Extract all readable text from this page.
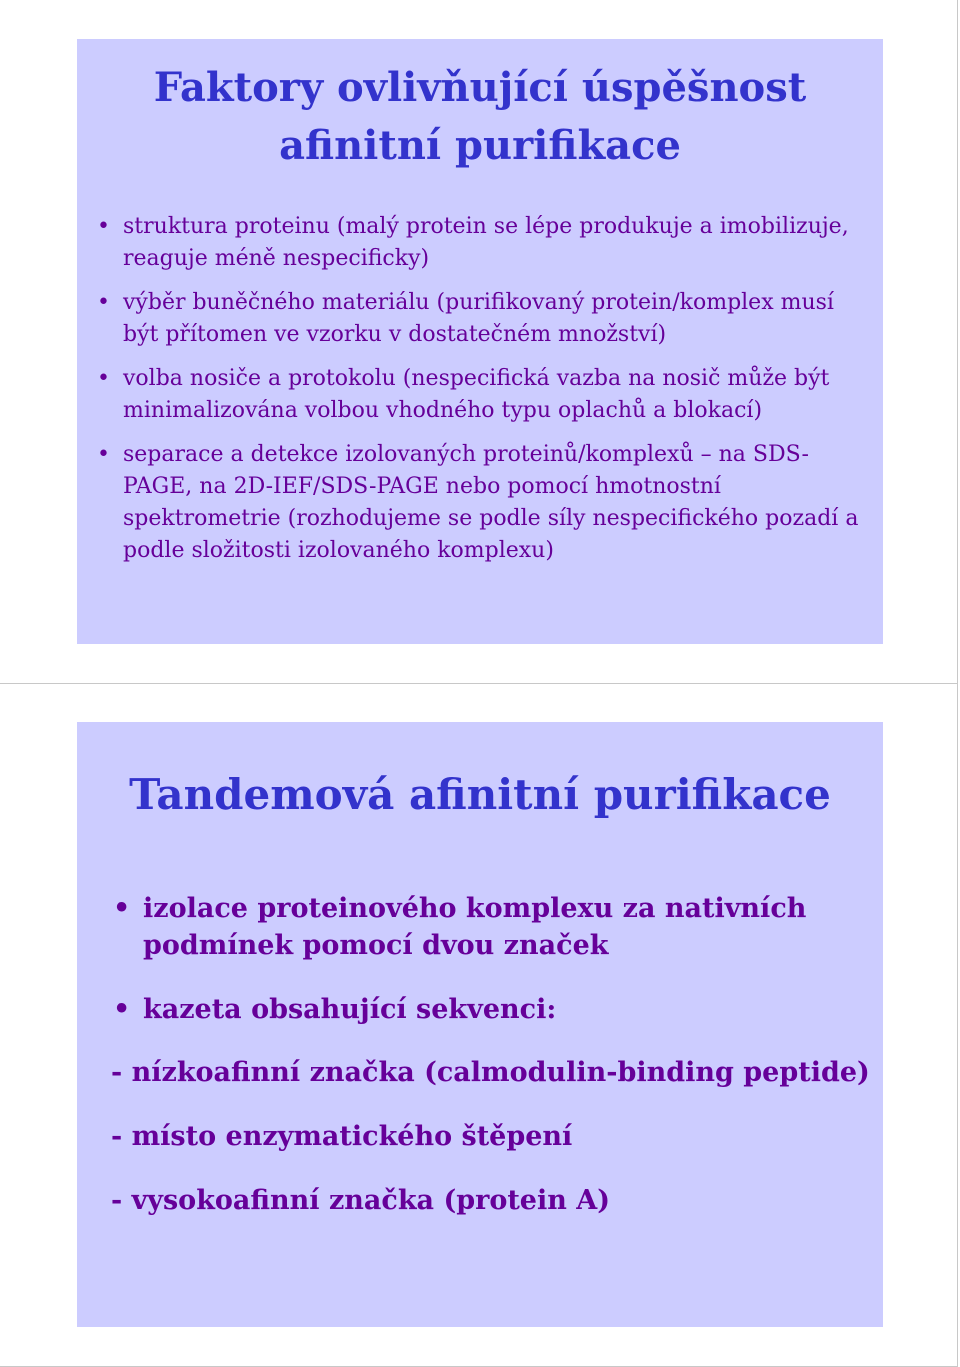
Faktory ovlivňující úspěšnost afinitní purifikace
• struktura proteinu (malý protein se lépe produkuje a imobilizuje, reaguje méně nespecificky)
• výběr buněčného materiálu (purifikovaný protein/komplex musí být přítomen ve vzorku v dostatečném množství)
• volba nosiče a protokolu (nespecifická vazba na nosič může být minimalizována volbou vhodného typu oplachů a blokací)
• separace a detekce izolovaných proteinů/komplexů – na SDS-PAGE, na 2D-IEF/SDS-PAGE nebo pomocí hmotnostní spektrometrie (rozhodujeme se podle síly nespecifického pozadí a podle složitosti izolovaného komplexu)
Tandemová afinitní purifikace
• izolace proteinového komplexu za nativních podmínek pomocí dvou značek
• kazeta obsahující sekvenci:
- nízkoafinní značka (calmodulin-binding peptide)
- místo enzymatického štěpení
- vysokoafinní značka (protein A)
